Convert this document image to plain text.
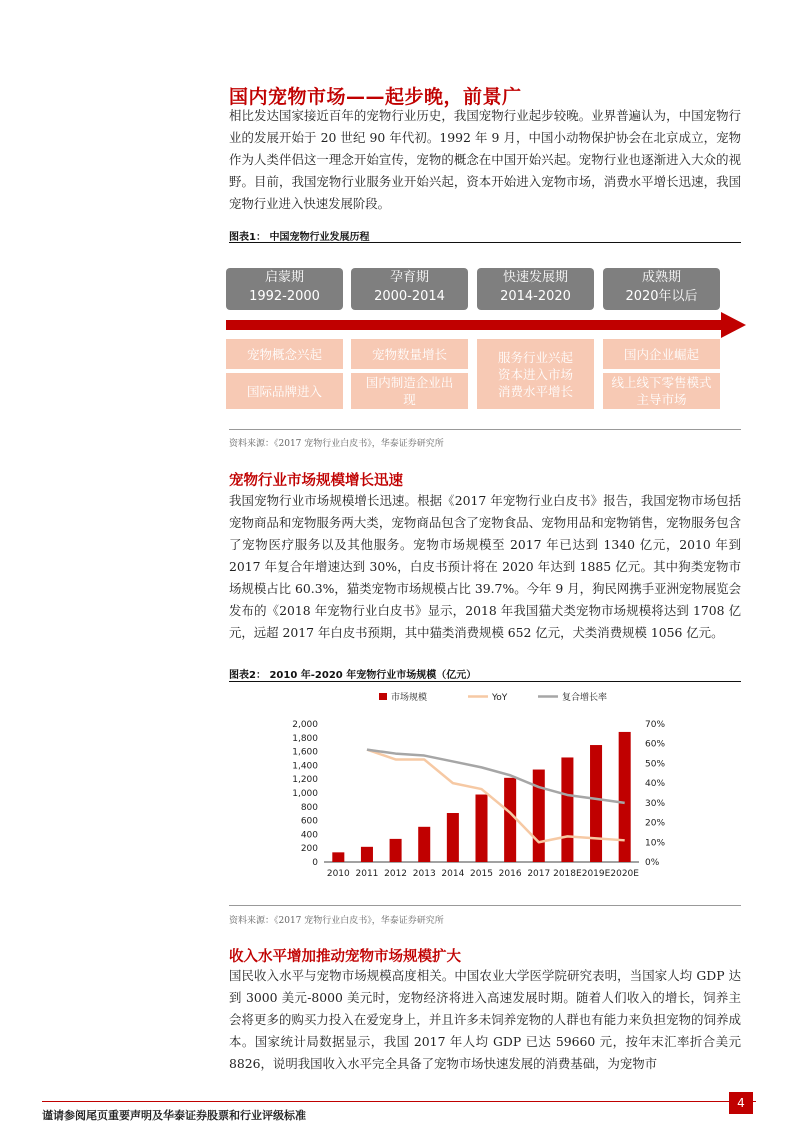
国内宠物市场——起步晚，前景广
相比发达国家接近百年的宠物行业历史，我国宠物行业起步较晚。业界普遍认为，中国宠物行业的发展开始于 20 世纪 90 年代初。1992 年 9 月，中国小动物保护协会在北京成立，宠物作为人类伴侣这一理念开始宣传，宠物的概念在中国开始兴起。宠物行业也逐渐进入大众的视野。目前，我国宠物行业服务业开始兴起，资本开始进入宠物市场，消费水平增长迅速，我国宠物行业进入快速发展阶段。
图表1： 中国宠物行业发展历程
启蒙期
1992-2000
孕育期
2000-2014
快速发展期
2014-2020
成熟期
2020年以后
宠物概念兴起
国际品牌进入
宠物数量增长
国内制造企业出现
服务行业兴起
资本进入市场
消费水平增长
国内企业崛起
线上线下零售模式主导市场
资料来源：《2017 宠物行业白皮书》，华泰证券研究所
宠物行业市场规模增长迅速
我国宠物行业市场规模增长迅速。根据《2017 年宠物行业白皮书》报告，我国宠物市场包括宠物商品和宠物服务两大类，宠物商品包含了宠物食品、宠物用品和宠物销售，宠物服务包含了宠物医疗服务以及其他服务。宠物市场规模至 2017 年已达到 1340 亿元，2010 年到 2017 年复合年增速达到 30%，白皮书预计将在 2020 年达到 1885 亿元。其中狗类宠物市场规模占比 60.3%，猫类宠物市场规模占比 39.7%。今年 9 月，狗民网携手亚洲宠物展览会发布的《2018 年宠物行业白皮书》显示，2018 年我国猫犬类宠物市场规模将达到 1708 亿元，远超 2017 年白皮书预期，其中猫类消费规模 652 亿元，犬类消费规模 1056 亿元。
图表2： 2010 年-2020 年宠物行业市场规模（亿元）
市场规模	YoY	复合增长率
0
200
400
600
800
1,000
1,200
1,400
1,600
1,800
2,000
0%
10%
20%
30%
40%
50%
60%
70%
2010 2011 2012 2013 2014 2015 2016 2017 2018E 2019E 2020E
资料来源：《2017 宠物行业白皮书》，华泰证券研究所
收入水平增加推动宠物市场规模扩大
国民收入水平与宠物市场规模高度相关。中国农业大学医学院研究表明，当国家人均 GDP 达到 3000 美元-8000 美元时，宠物经济将进入高速发展时期。随着人们收入的增长，饲养主会将更多的购买力投入在爱宠身上，并且许多未饲养宠物的人群也有能力来负担宠物的饲养成本。国家统计局数据显示，我国 2017 年人均 GDP 已达 59660 元，按年末汇率折合美元 8826，说明我国收入水平完全具备了宠物市场快速发展的消费基础，为宠物市
谨请参阅尾页重要声明及华泰证券股票和行业评级标准
4
